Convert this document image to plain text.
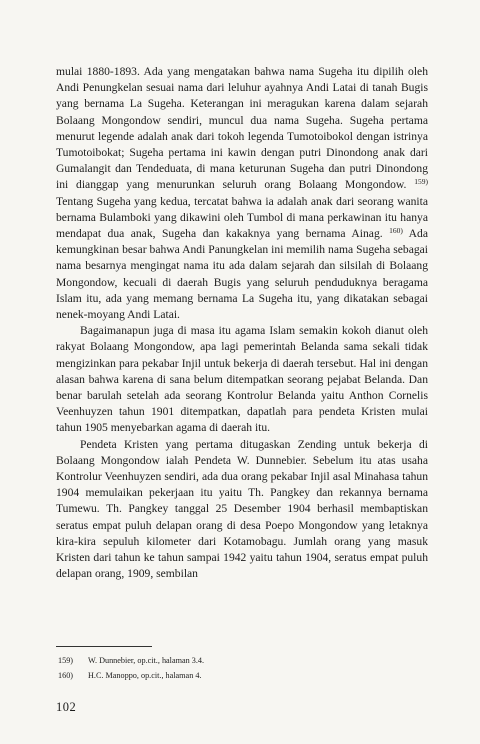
mulai 1880-1893. Ada yang mengatakan bahwa nama Sugeha itu dipilih oleh Andi Penungkelan sesuai nama dari leluhur ayahnya Andi Latai di tanah Bugis yang bernama La Sugeha. Keterangan ini meragukan karena dalam sejarah Bolaang Mongondow sendiri, muncul dua nama Sugeha. Sugeha pertama menurut legende adalah anak dari tokoh legenda Tumotoibokol dengan istrinya Tumotoibokat; Sugeha pertama ini kawin dengan putri Dinondong anak dari Gumalangit dan Tendeduata, di mana keturunan Sugeha dan putri Dinondong ini dianggap yang menurunkan seluruh orang Bolaang Mongondow. $^{159)}$ Tentang Sugeha yang kedua, tercatat bahwa ia adalah anak dari seorang wanita bernama Bulamboki yang dikawini oleh Tumbol di mana perkawinan itu hanya mendapat dua anak, Sugeha dan kakaknya yang bernama Ainag. $^{160)}$ Ada kemungkinan besar bahwa Andi Panungkelan ini memilih nama Sugeha sebagai nama besarnya mengingat nama itu ada dalam sejarah dan silsilah di Bolaang Mongondow, kecuali di daerah Bugis yang seluruh penduduknya beragama Islam itu, ada yang memang bernama La Sugeha itu, yang dikatakan sebagai nenek-moyang Andi Latai.

Bagaimanapun juga di masa itu agama Islam semakin kokoh dianut oleh rakyat Bolaang Mongondow, apa lagi pemerintah Belanda sama sekali tidak mengizinkan para pekabar Injil untuk bekerja di daerah tersebut. Hal ini dengan alasan bahwa karena di sana belum ditempatkan seorang pejabat Belanda. Dan benar barulah setelah ada seorang Kontrolur Belanda yaitu Anthon Cornelis Veenhuyzen tahun 1901 ditempatkan, dapatlah para pendeta Kristen mulai tahun 1905 menyebarkan agama di daerah itu.

Pendeta Kristen yang pertama ditugaskan Zending untuk bekerja di Bolaang Mongondow ialah Pendeta W. Dunnebier. Sebelum itu atas usaha Kontrolur Veenhuyzen sendiri, ada dua orang pekabar Injil asal Minahasa tahun 1904 memulaikan pekerjaan itu yaitu Th. Pangkey dan rekannya bernama Tumewu. Th. Pangkey tanggal 25 Desember 1904 berhasil membaptiskan seratus empat puluh delapan orang di desa Poepo Mongondow yang letaknya kira-kira sepuluh kilometer dari Kotamobagu. Jumlah orang yang masuk Kristen dari tahun ke tahun sampai 1942 yaitu tahun 1904, seratus empat puluh delapan orang, 1909, sembilan

159)	W. Dunnebier, op.cit., halaman 3.4.
160)	H.C. Manoppo, op.cit., halaman 4.
102
